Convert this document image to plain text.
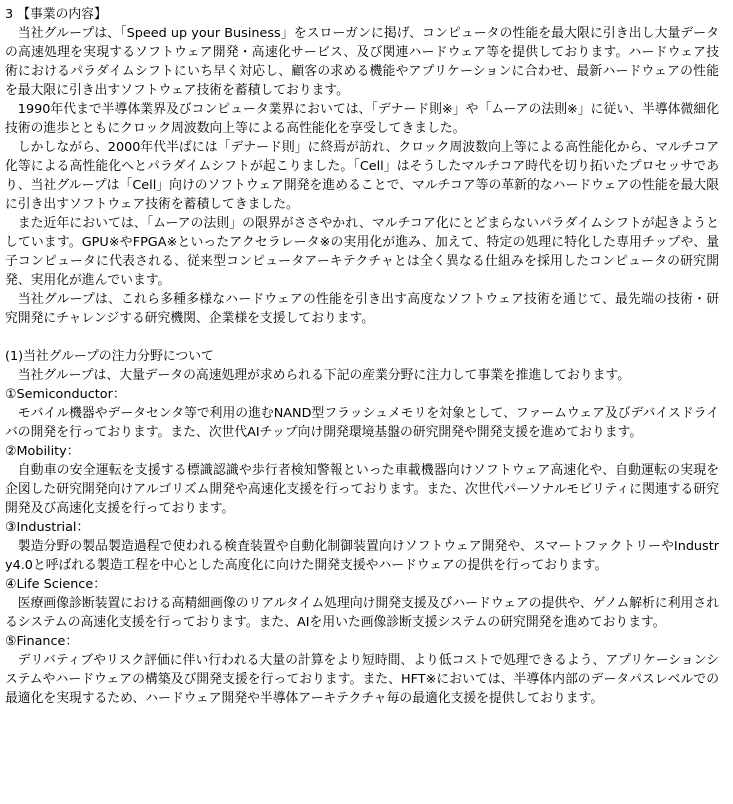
3 【事業の内容】

当社グループは、「Speed up your Business」をスローガンに掲げ、コンピュータの性能を最大限に引き出し大量データの高速処理を実現するソフトウェア開発・高速化サービス、及び関連ハードウェア等を提供しております。ハードウェア技術におけるパラダイムシフトにいち早く対応し、顧客の求める機能やアプリケーションに合わせ、最新ハードウェアの性能を最大限に引き出すソフトウェア技術を蓄積しております。

1990年代まで半導体業界及びコンピュータ業界においては、「デナード則※」や「ムーアの法則※」に従い、半導体微細化技術の進歩とともにクロック周波数向上等による高性能化を享受してきました。

しかしながら、2000年代半ばには「デナード則」に終焉が訪れ、クロック周波数向上等による高性能化から、マルチコア化等による高性能化へとパラダイムシフトが起こりました。「Cell」はそうしたマルチコア時代を切り拓いたプロセッサであり、当社グループは「Cell」向けのソフトウェア開発を進めることで、マルチコア等の革新的なハードウェアの性能を最大限に引き出すソフトウェア技術を蓄積してきました。

また近年においては、「ムーアの法則」の限界がささやかれ、マルチコア化にとどまらないパラダイムシフトが起きようとしています。GPU※やFPGA※といったアクセラレータ※の実用化が進み、加えて、特定の処理に特化した専用チップや、量子コンピュータに代表される、従来型コンピュータアーキテクチャとは全く異なる仕組みを採用したコンピュータの研究開発、実用化が進んでいます。

当社グループは、これら多種多様なハードウェアの性能を引き出す高度なソフトウェア技術を通じて、最先端の技術・研究開発にチャレンジする研究機関、企業様を支援しております。

(1)当社グループの注力分野について

当社グループは、大量データの高速処理が求められる下記の産業分野に注力して事業を推進しております。

①Semiconductor：

モバイル機器やデータセンタ等で利用の進むNAND型フラッシュメモリを対象として、ファームウェア及びデバイスドライバの開発を行っております。また、次世代AIチップ向け開発環境基盤の研究開発や開発支援を進めております。

②Mobility：

自動車の安全運転を支援する標識認識や歩行者検知警報といった車載機器向けソフトウェア高速化や、自動運転の実現を企図した研究開発向けアルゴリズム開発や高速化支援を行っております。また、次世代パーソナルモビリティに関連する研究開発及び高速化支援を行っております。

③Industrial：

製造分野の製品製造過程で使われる検査装置や自動化制御装置向けソフトウェア開発や、スマートファクトリーやIndustry4.0と呼ばれる製造工程を中心とした高度化に向けた開発支援やハードウェアの提供を行っております。

④Life Science：

医療画像診断装置における高精細画像のリアルタイム処理向け開発支援及びハードウェアの提供や、ゲノム解析に利用されるシステムの高速化支援を行っております。また、AIを用いた画像診断支援システムの研究開発を進めております。

⑤Finance：

デリバティブやリスク評価に伴い行われる大量の計算をより短時間、より低コストで処理できるよう、アプリケーションシステムやハードウェアの構築及び開発支援を行っております。また、HFT※においては、半導体内部のデータパスレベルでの最適化を実現するため、ハードウェア開発や半導体アーキテクチャ毎の最適化支援を提供しております。
